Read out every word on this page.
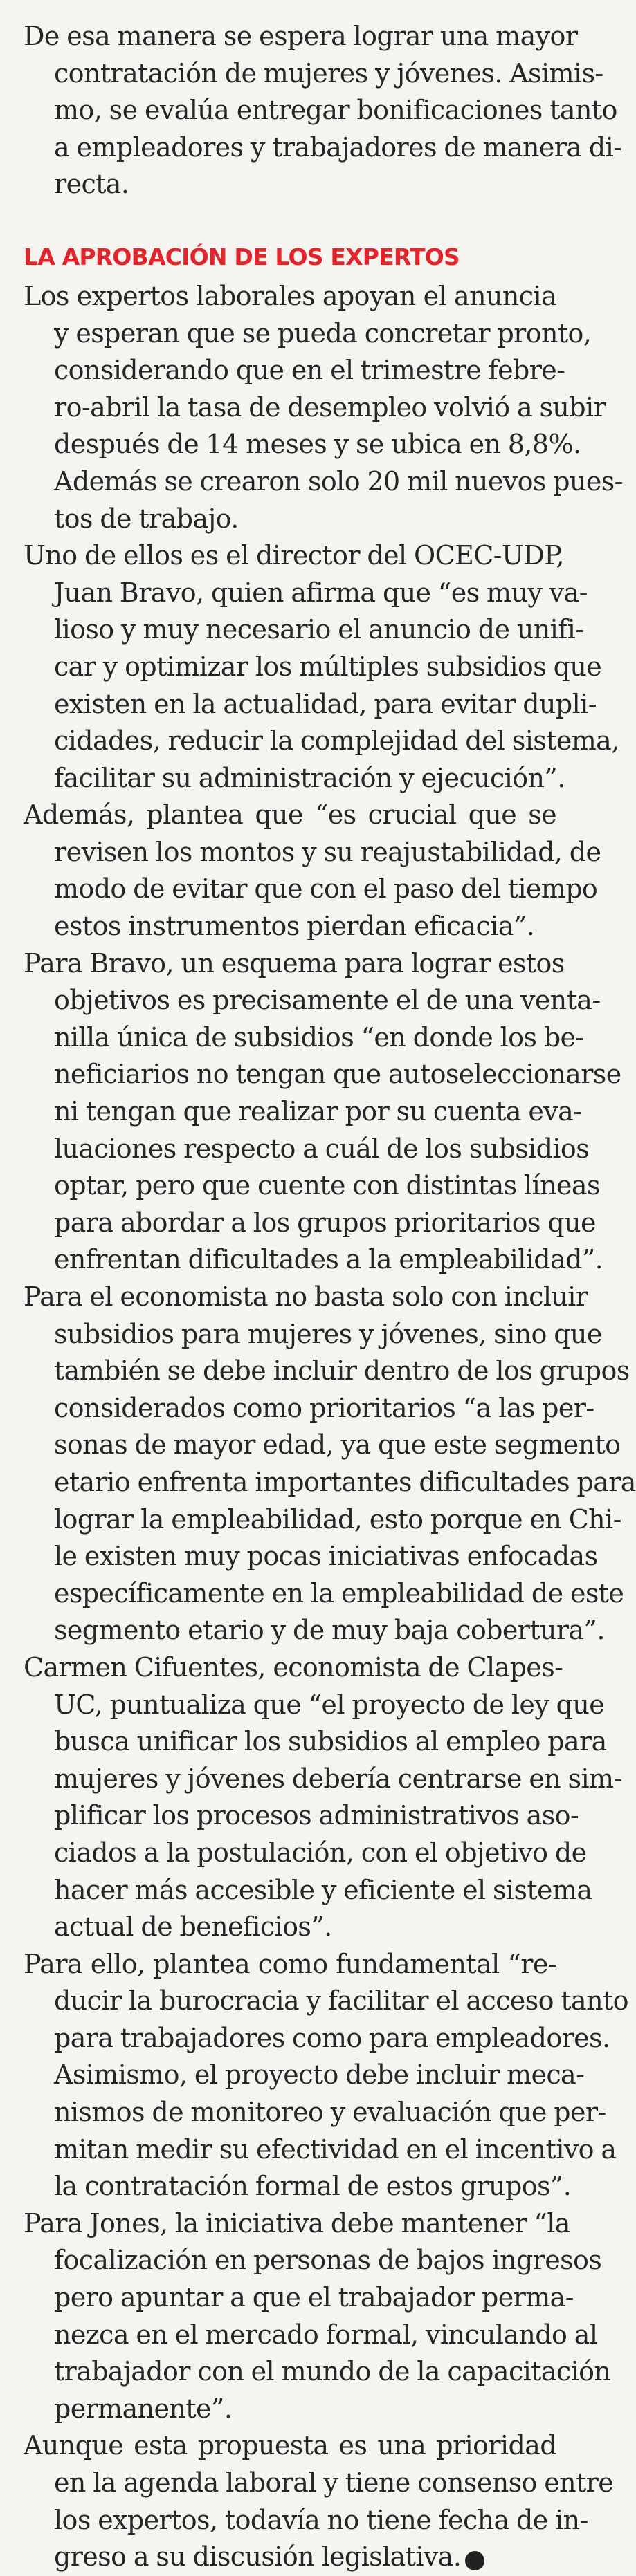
De esa manera se espera lograr una mayor
contratación de mujeres y jóvenes. Asimis-
mo, se evalúa entregar bonificaciones tanto
a empleadores y trabajadores de manera di-
recta.

LA APROBACIÓN DE LOS EXPERTOS

Los expertos laborales apoyan el anuncia
y esperan que se pueda concretar pronto,
considerando que en el trimestre febre-
ro-abril la tasa de desempleo volvió a subir
después de 14 meses y se ubica en 8,8%.
Además se crearon solo 20 mil nuevos pues-
tos de trabajo.

Uno de ellos es el director del OCEC-UDP,
Juan Bravo, quien afirma que “es muy va-
lioso y muy necesario el anuncio de unifi-
car y optimizar los múltiples subsidios que
existen en la actualidad, para evitar dupli-
cidades, reducir la complejidad del sistema,
facilitar su administración y ejecución”.

Además, plantea que “es crucial que se
revisen los montos y su reajustabilidad, de
modo de evitar que con el paso del tiempo
estos instrumentos pierdan eficacia”.

Para Bravo, un esquema para lograr estos
objetivos es precisamente el de una venta-
nilla única de subsidios “en donde los be-
neficiarios no tengan que autoseleccionarse
ni tengan que realizar por su cuenta eva-
luaciones respecto a cuál de los subsidios
optar, pero que cuente con distintas líneas
para abordar a los grupos prioritarios que
enfrentan dificultades a la empleabilidad”.

Para el economista no basta solo con incluir
subsidios para mujeres y jóvenes, sino que
también se debe incluir dentro de los grupos
considerados como prioritarios “a las per-
sonas de mayor edad, ya que este segmento
etario enfrenta importantes dificultades para
lograr la empleabilidad, esto porque en Chi-
le existen muy pocas iniciativas enfocadas
específicamente en la empleabilidad de este
segmento etario y de muy baja cobertura”.

Carmen Cifuentes, economista de Clapes-
UC, puntualiza que “el proyecto de ley que
busca unificar los subsidios al empleo para
mujeres y jóvenes debería centrarse en sim-
plificar los procesos administrativos aso-
ciados a la postulación, con el objetivo de
hacer más accesible y eficiente el sistema
actual de beneficios”.

Para ello, plantea como fundamental “re-
ducir la burocracia y facilitar el acceso tanto
para trabajadores como para empleadores.
Asimismo, el proyecto debe incluir meca-
nismos de monitoreo y evaluación que per-
mitan medir su efectividad en el incentivo a
la contratación formal de estos grupos”.

Para Jones, la iniciativa debe mantener “la
focalización en personas de bajos ingresos
pero apuntar a que el trabajador perma-
nezca en el mercado formal, vinculando al
trabajador con el mundo de la capacitación
permanente”.

Aunque esta propuesta es una prioridad
en la agenda laboral y tiene consenso entre
los expertos, todavía no tiene fecha de in-
greso a su discusión legislativa.	P
